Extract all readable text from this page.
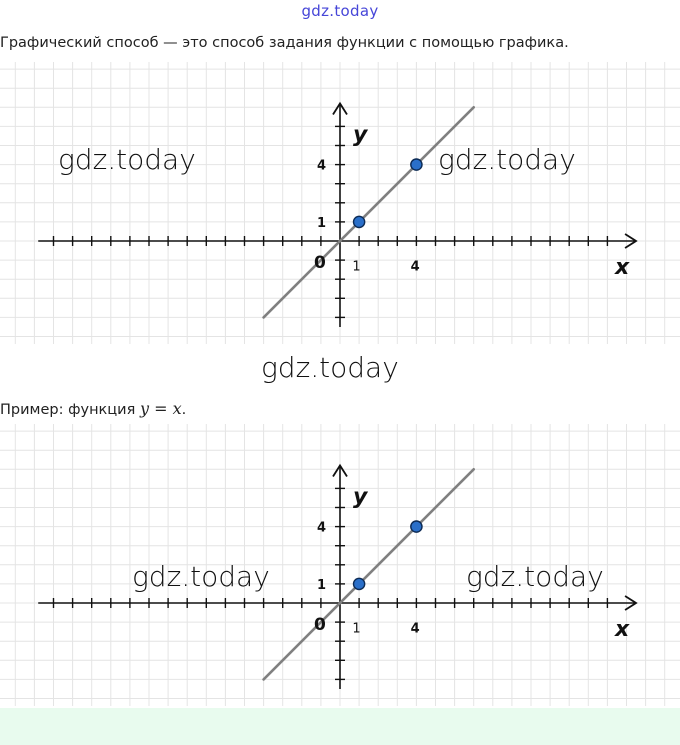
gdz.today
Графический способ — это способ задания функции с помощью графика.
1	4
1
4
0	x
y
gdz.today	gdz.today
gdz.today
Пример: функция y = x.
1	4
1
4
0	x
y
gdz.today	gdz.today
